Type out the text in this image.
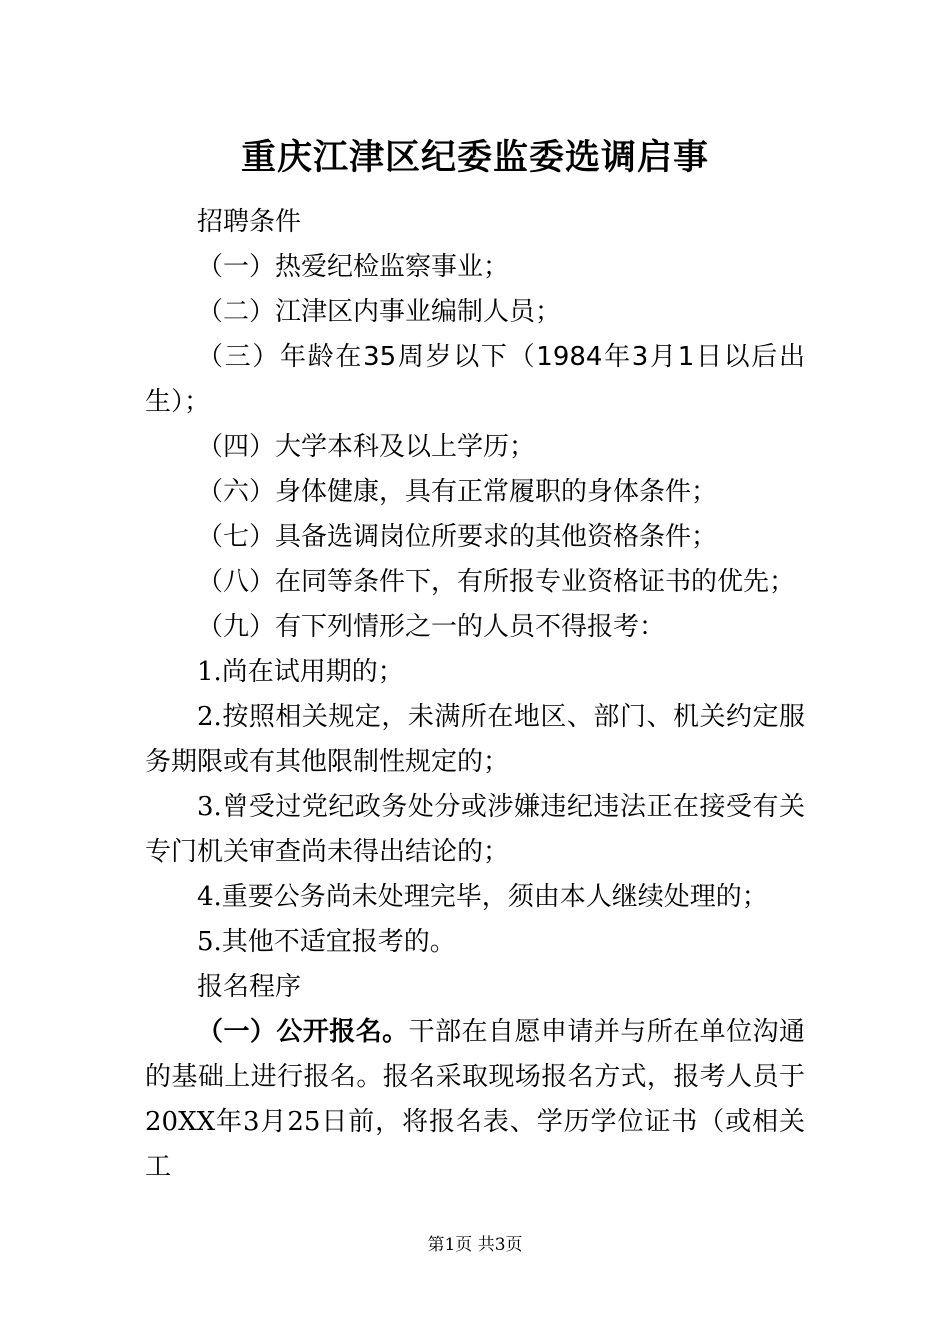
重庆江津区纪委监委选调启事

招聘条件

（一）热爱纪检监察事业；

（二）江津区内事业编制人员；

（三）年龄在35周岁以下（1984年3月1日以后出生）；

（四）大学本科及以上学历；

（六）身体健康，具有正常履职的身体条件；

（七）具备选调岗位所要求的其他资格条件；

（八）在同等条件下，有所报专业资格证书的优先；

（九）有下列情形之一的人员不得报考：

1.尚在试用期的；

2.按照相关规定，未满所在地区、部门、机关约定服务期限或有其他限制性规定的；

3.曾受过党纪政务处分或涉嫌违纪违法正在接受有关专门机关审查尚未得出结论的；

4.重要公务尚未处理完毕，须由本人继续处理的；

5.其他不适宜报考的。

报名程序

（一）公开报名。干部在自愿申请并与所在单位沟通的基础上进行报名。报名采取现场报名方式，报考人员于20XX年3月25日前，将报名表、学历学位证书（或相关工

第1页 共3页
